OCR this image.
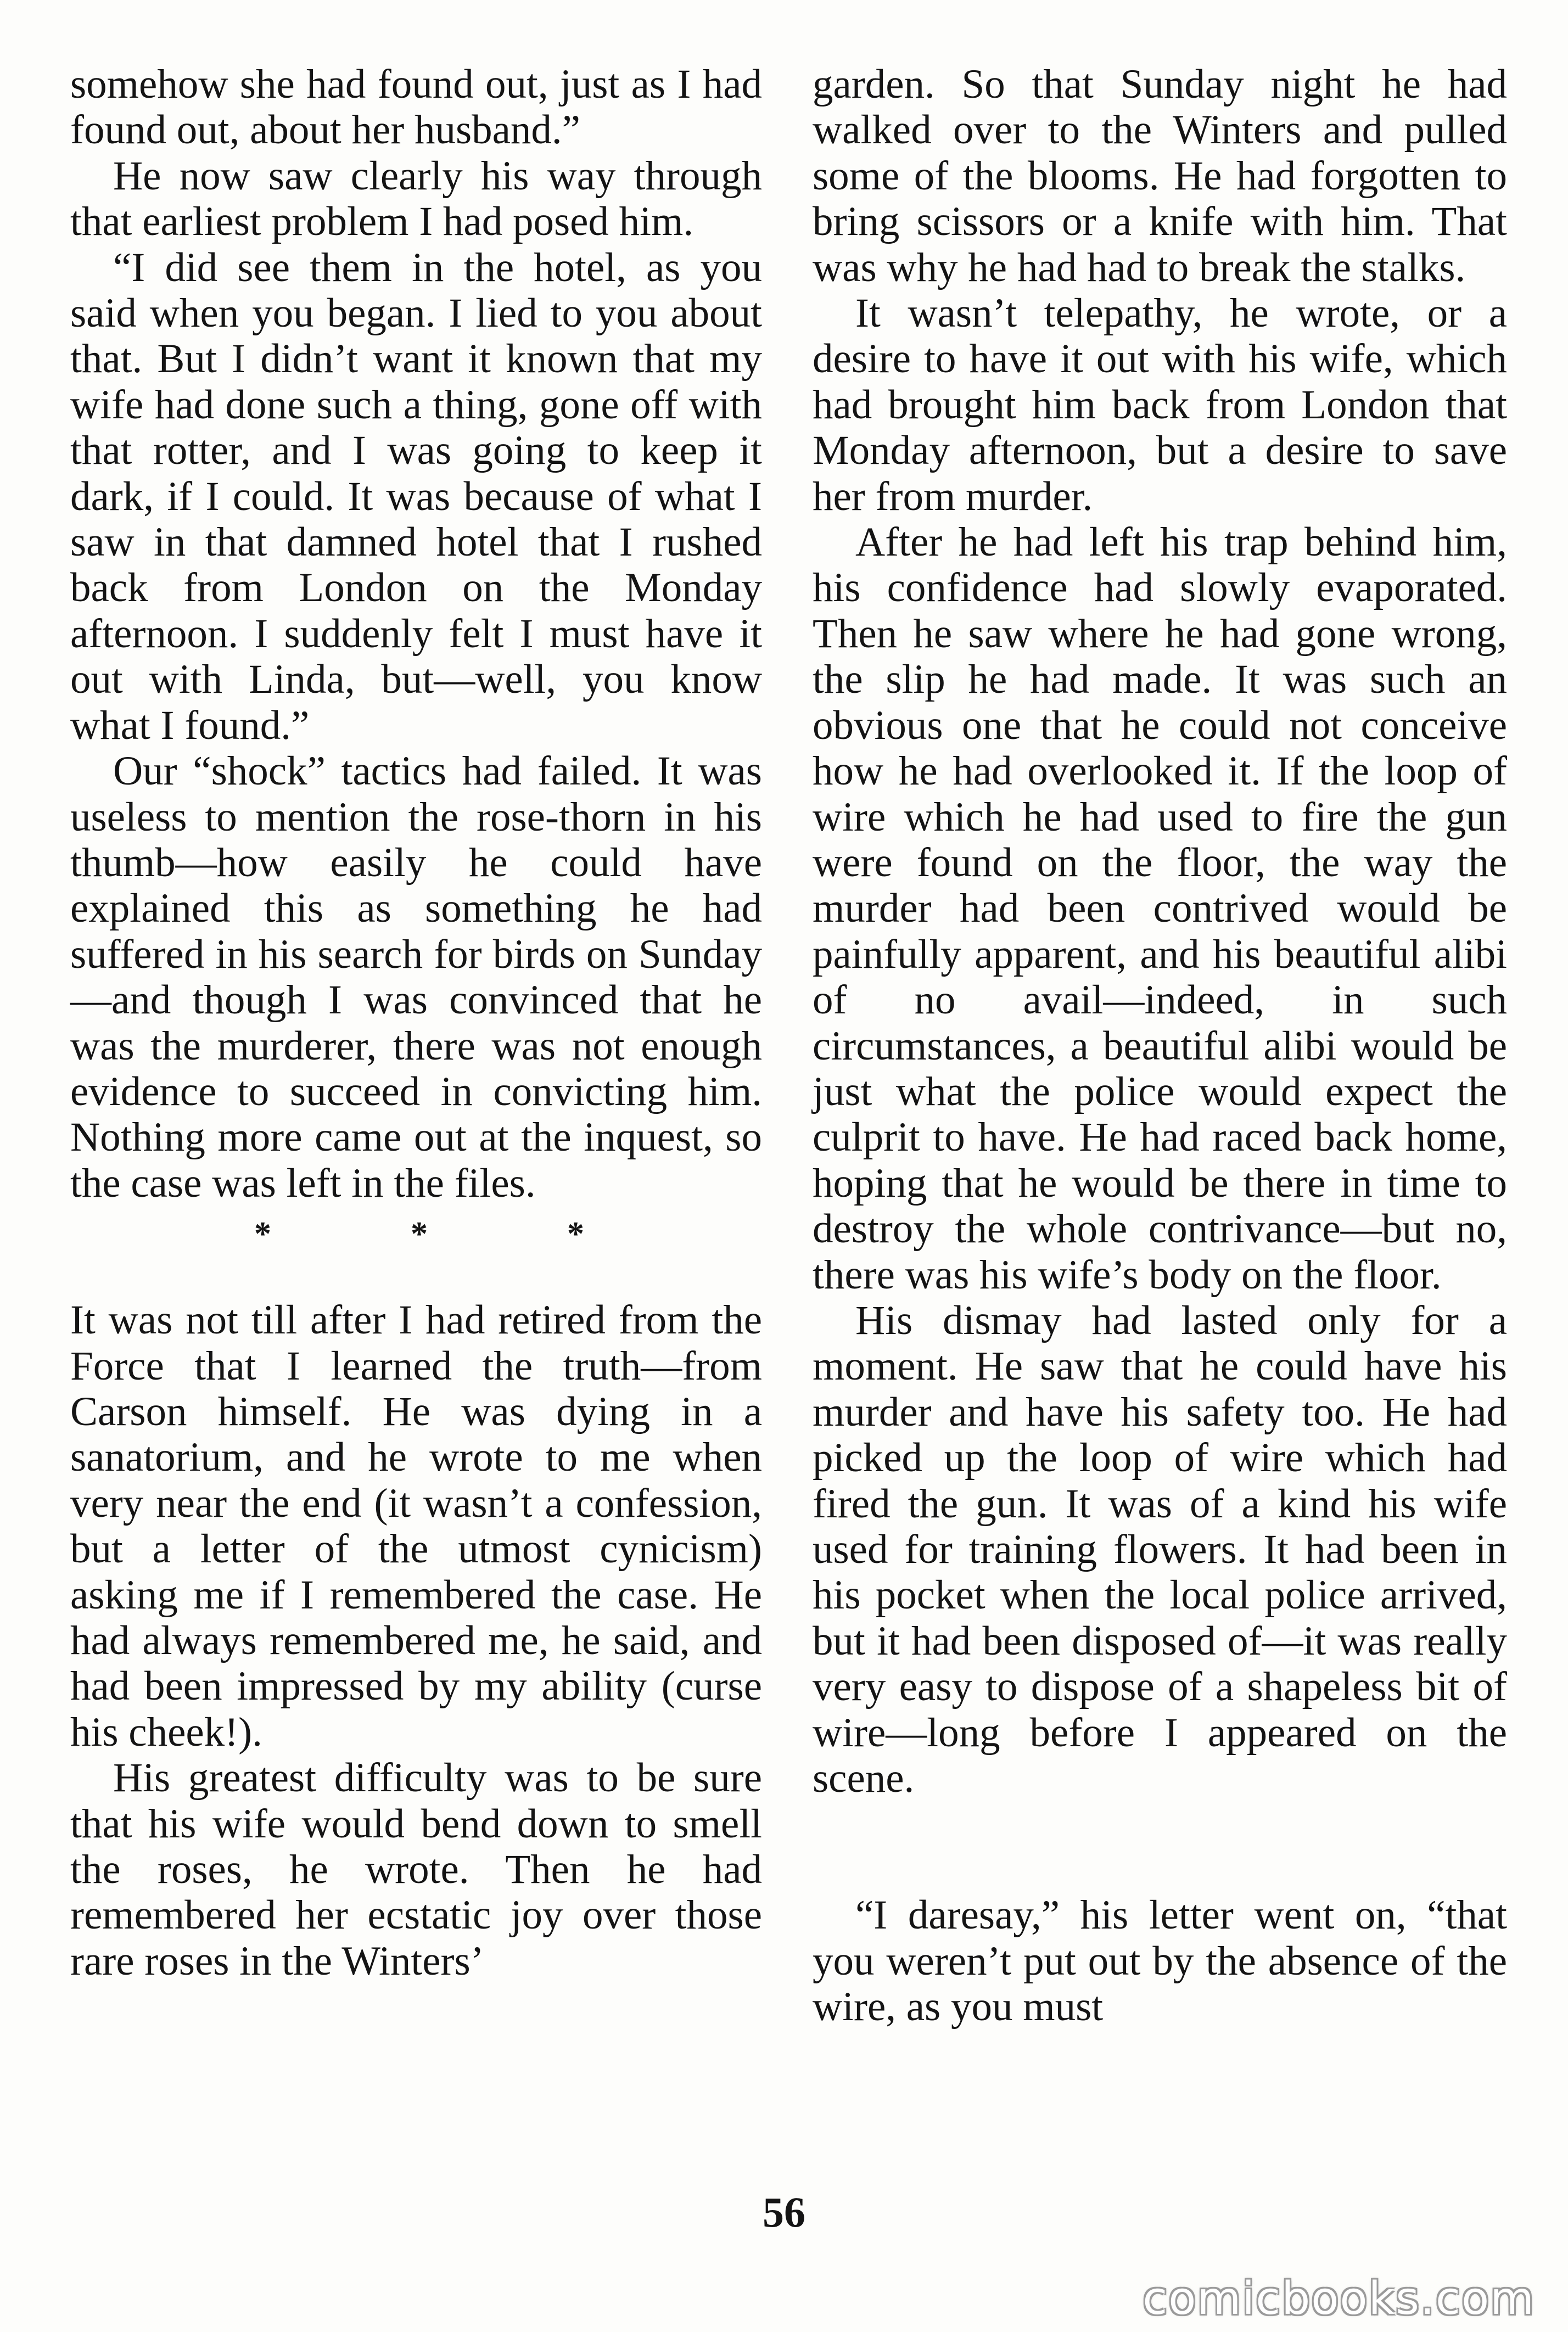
somehow she had found out, just as I had found out, about her husband.”

He now saw clearly his way through that earliest problem I had posed him.

“I did see them in the hotel, as you said when you began. I lied to you about that. But I didn’t want it known that my wife had done such a thing, gone off with that rotter, and I was going to keep it dark, if I could. It was because of what I saw in that damned hotel that I rushed back from London on the Monday afternoon. I suddenly felt I must have it out with Linda, but—well, you know what I found.”

Our “shock” tactics had failed. It was useless to mention the rose-thorn in his thumb—how easily he could have explained this as something he had suffered in his search for birds on Sunday—and though I was convinced that he was the murderer, there was not enough evidence to succeed in convicting him. Nothing more came out at the inquest, so the case was left in the files.

*	*	*

It was not till after I had retired from the Force that I learned the truth—from Carson himself. He was dying in a sanatorium, and he wrote to me when very near the end (it wasn’t a confession, but a letter of the utmost cynicism) asking me if I remembered the case. He had always remembered me, he said, and had been impressed by my ability (curse his cheek!).

His greatest difficulty was to be sure that his wife would bend down to smell the roses, he wrote. Then he had remembered her ecstatic joy over those rare roses in the Winters’

garden. So that Sunday night he had walked over to the Winters and pulled some of the blooms. He had forgotten to bring scissors or a knife with him. That was why he had had to break the stalks.

It wasn’t telepathy, he wrote, or a desire to have it out with his wife, which had brought him back from London that Monday afternoon, but a desire to save her from murder.

After he had left his trap behind him, his confidence had slowly evaporated. Then he saw where he had gone wrong, the slip he had made. It was such an obvious one that he could not conceive how he had overlooked it. If the loop of wire which he had used to fire the gun were found on the floor, the way the murder had been contrived would be painfully apparent, and his beautiful alibi of no avail—indeed, in such circumstances, a beautiful alibi would be just what the police would expect the culprit to have. He had raced back home, hoping that he would be there in time to destroy the whole contrivance—but no, there was his wife’s body on the floor.

His dismay had lasted only for a moment. He saw that he could have his murder and have his safety too. He had picked up the loop of wire which had fired the gun. It was of a kind his wife used for training flowers. It had been in his pocket when the local police arrived, but it had been disposed of—it was really very easy to dispose of a shapeless bit of wire—long before I appeared on the scene.

“I daresay,” his letter went on, “that you weren’t put out by the absence of the wire, as you must

56
comicbooks.com
